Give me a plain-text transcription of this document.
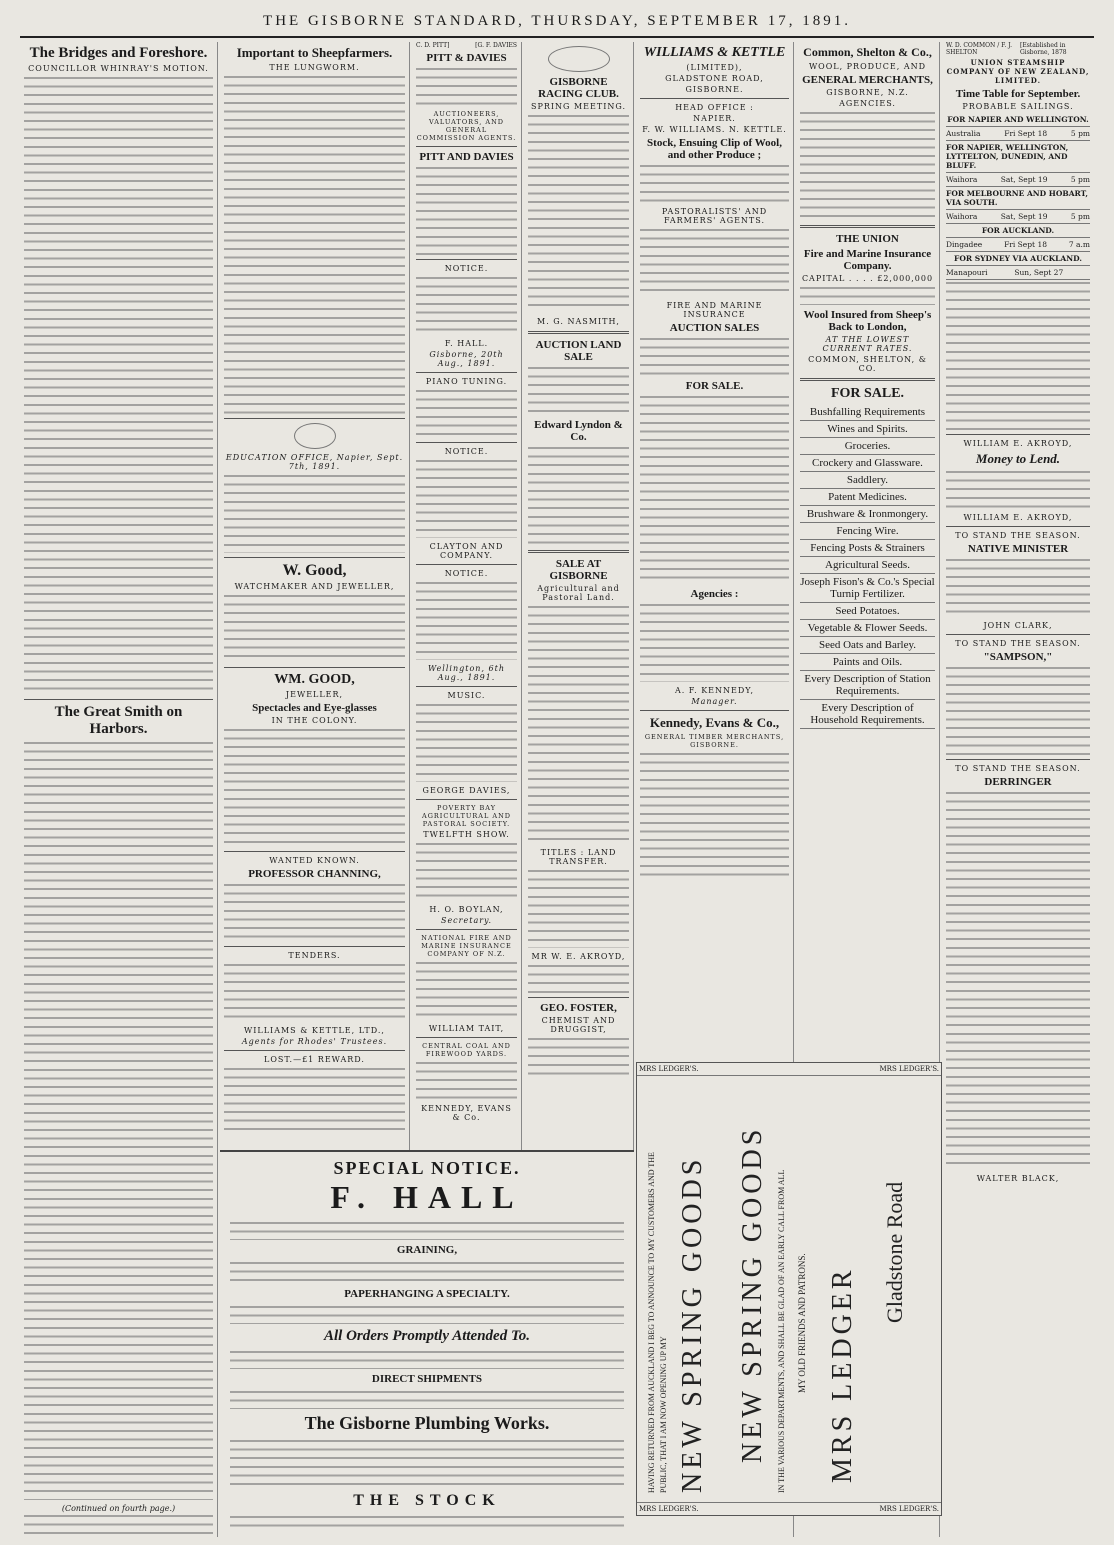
THE GISBORNE STANDARD, THURSDAY, SEPTEMBER 17, 1891.
The Bridges and Foreshore.
COUNCILLOR WHINRAY'S MOTION.
The Great Smith on Harbors.
(Continued on fourth page.)
Important to Sheepfarmers.
THE LUNGWORM.
EDUCATION OFFICE, Napier, Sept. 7th, 1891.
W. Good,
WATCHMAKER AND JEWELLER,
WM. GOOD,
JEWELLER,
Spectacles and Eye-glasses
IN THE COLONY.
WANTED KNOWN.
PROFESSOR CHANNING,
TENDERS.
WILLIAMS & KETTLE, LTD.,
Agents for Rhodes' Trustees.
LOST.—£1 REWARD.
C. D. PITT]	[G. F. DAVIES
PITT & DAVIES
AUCTIONEERS, VALUATORS, AND GENERAL COMMISSION AGENTS.
PITT AND DAVIES
NOTICE.
F. HALL.
Gisborne, 20th Aug., 1891.
PIANO TUNING.
NOTICE.
CLAYTON AND COMPANY.
NOTICE.
Wellington, 6th Aug., 1891.
MUSIC.
GEORGE DAVIES,
POVERTY BAY AGRICULTURAL AND PASTORAL SOCIETY.
TWELFTH SHOW.
H. O. BOYLAN,
Secretary.
NATIONAL FIRE AND MARINE INSURANCE COMPANY OF N.Z.
WILLIAM TAIT,
CENTRAL COAL AND FIREWOOD YARDS.
KENNEDY, EVANS & Co.
GISBORNE RACING CLUB.
SPRING MEETING.
M. G. NASMITH,
AUCTION LAND SALE
Edward Lyndon & Co.
SALE AT GISBORNE
Agricultural and Pastoral Land.
TITLES : LAND TRANSFER.
MR W. E. AKROYD,
GEO. FOSTER,
CHEMIST AND DRUGGIST,
WILLIAMS & KETTLE
(LIMITED),
GLADSTONE ROAD,
GISBORNE.
HEAD OFFICE :
NAPIER.
F. W. WILLIAMS. N. KETTLE.
Stock, Ensuing Clip of Wool, and other Produce ;
PASTORALISTS' AND FARMERS' AGENTS.
FIRE AND MARINE INSURANCE
AUCTION SALES
FOR SALE.
Agencies :
A. F. KENNEDY,
Manager.
Kennedy, Evans & Co.,
GENERAL TIMBER MERCHANTS, GISBORNE.
Common, Shelton & Co.,
WOOL, PRODUCE, AND
GENERAL MERCHANTS,
GISBORNE, N.Z.
AGENCIES.
THE UNION
Fire and Marine Insurance Company.
CAPITAL . . . . £2,000,000
Wool Insured from Sheep's Back to London,
AT THE LOWEST CURRENT RATES.
COMMON, SHELTON, & CO.
FOR SALE.
Bushfalling Requirements
Wines and Spirits.
Groceries.
Crockery and Glassware.
Saddlery.
Patent Medicines.
Brushware & Ironmongery.
Fencing Wire.
Fencing Posts & Strainers
Agricultural Seeds.
Joseph Fison's & Co.'s Special Turnip Fertilizer.
Seed Potatoes.
Vegetable & Flower Seeds.
Seed Oats and Barley.
Paints and Oils.
Every Description of Station Requirements.
Every Description of Household Requirements.
MRS LEDGER'S.	MRS LEDGER'S.
HAVING RETURNED FROM AUCKLAND I BEG TO ANNOUNCE TO MY CUSTOMERS AND THE PUBLIC, THAT I AM NOW OPENING UP MY NEW SPRING GOODS NEW SPRING GOODS IN THE VARIOUS DEPARTMENTS, AND SHALL BE GLAD OF AN EARLY CALL FROM ALL MY OLD FRIENDS AND PATRONS. MRS LEDGER
Gladstone Road
MRS LEDGER'S.	MRS LEDGER'S.
SPECIAL NOTICE.
F. HALL
GRAINING,
PAPERHANGING A SPECIALTY.
All Orders Promptly Attended To.
DIRECT SHIPMENTS
The Gisborne Plumbing Works.
THE STOCK
W. D. COMMON / F. J. SHELTON
[Established in Gisborne, 1878
UNION STEAMSHIP COMPANY OF NEW ZEALAND, LIMITED.
Time Table for September.
PROBABLE SAILINGS.
FOR NAPIER AND WELLINGTON.
Australia	Fri Sept 18	5 pm
FOR NAPIER, WELLINGTON, LYTTELTON, DUNEDIN, AND BLUFF.
Waihora	Sat, Sept 19	5 pm
FOR MELBOURNE AND HOBART, VIA SOUTH.
Waihora	Sat, Sept 19	5 pm
FOR AUCKLAND.
Dingadee	Fri Sept 18	7 a.m
FOR SYDNEY VIA AUCKLAND.
Manapouri	Sun, Sept 27
WILLIAM E. AKROYD,
Money to Lend.
WILLIAM E. AKROYD,
TO STAND THE SEASON.
NATIVE MINISTER
JOHN CLARK,
TO STAND THE SEASON.
"SAMPSON,"
TO STAND THE SEASON.
DERRINGER
WALTER BLACK,
